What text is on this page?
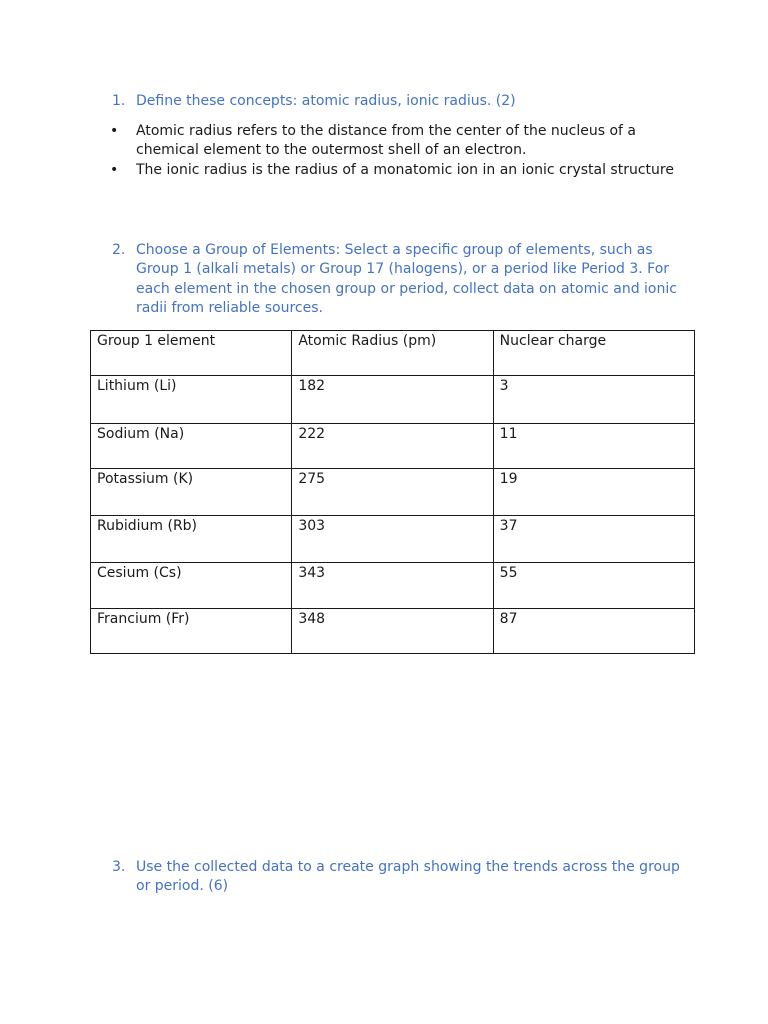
1. Define these concepts: atomic radius, ionic radius. (2)
• Atomic radius refers to the distance from the center of the nucleus of a chemical element to the outermost shell of an electron.
• The ionic radius is the radius of a monatomic ion in an ionic crystal structure
2. Choose a Group of Elements: Select a specific group of elements, such as Group 1 (alkali metals) or Group 17 (halogens), or a period like Period 3. For each element in the chosen group or period, collect data on atomic and ionic radii from reliable sources.
Group 1 element	Atomic Radius (pm)	Nuclear charge
Lithium (Li)	182	3
Sodium (Na)	222	11
Potassium (K)	275	19
Rubidium (Rb)	303	37
Cesium (Cs)	343	55
Francium (Fr)	348	87
3. Use the collected data to a create graph showing the trends across the group or period. (6)
